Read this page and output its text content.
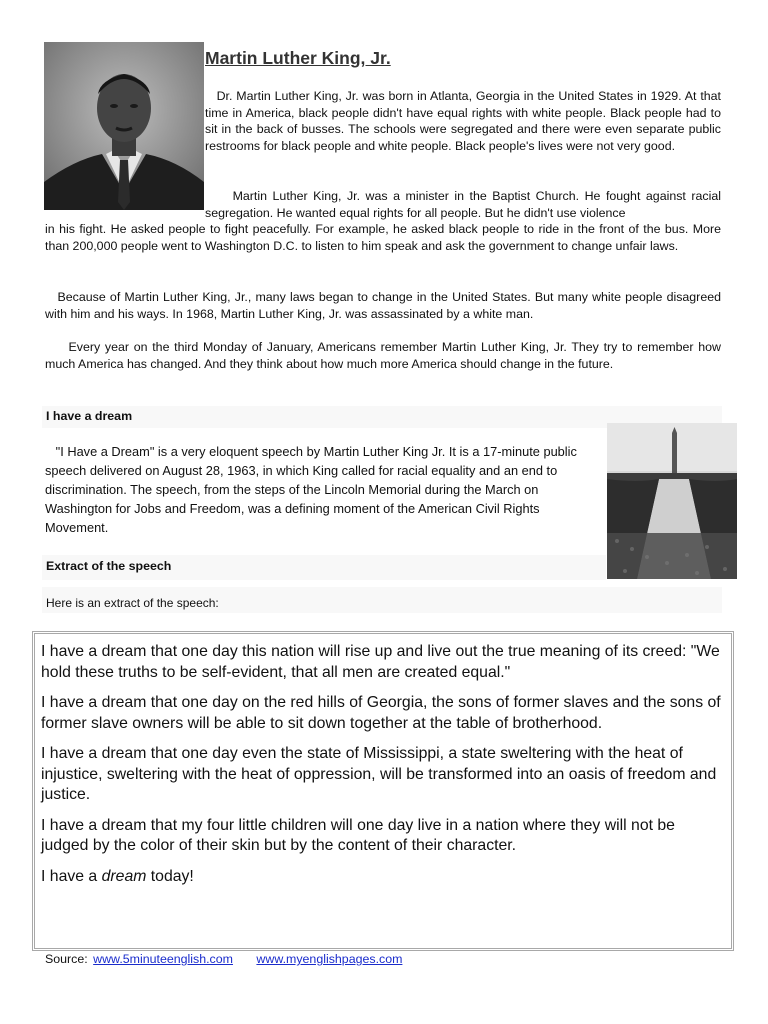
Martin Luther King, Jr.

Dr. Martin Luther King, Jr. was born in Atlanta, Georgia in the United States in 1929. At that time in America, black people didn't have equal rights with white people. Black people had to sit in the back of busses. The schools were segregated and there were even separate public restrooms for black people and white people. Black people's lives were not very good.

Martin Luther King, Jr. was a minister in the Baptist Church. He fought against racial segregation. He wanted equal rights for all people. But he didn't use violence

in his fight. He asked people to fight peacefully. For example, he asked black people to ride in the front of the bus. More than 200,000 people went to Washington D.C. to listen to him speak and ask the government to change unfair laws.

Because of Martin Luther King, Jr., many laws began to change in the United States. But many white people disagreed with him and his ways. In 1968, Martin Luther King, Jr. was assassinated by a white man.

Every year on the third Monday of January, Americans remember Martin Luther King, Jr. They try to remember how much America has changed. And they think about how much more America should change in the future.

I have a dream

"I Have a Dream" is a very eloquent speech by Martin Luther King Jr. It is a 17-minute public speech delivered on August 28, 1963, in which King called for racial equality and an end to discrimination. The speech, from the steps of the Lincoln Memorial during the March on Washington for Jobs and Freedom, was a defining moment of the American Civil Rights Movement.

Extract of the speech
Here is an extract of the speech:

I have a dream that one day this nation will rise up and live out the true meaning of its creed: "We hold these truths to be self-evident, that all men are created equal."

I have a dream that one day on the red hills of Georgia, the sons of former slaves and the sons of former slave owners will be able to sit down together at the table of brotherhood.

I have a dream that one day even the state of Mississippi, a state sweltering with the heat of injustice, sweltering with the heat of oppression, will be transformed into an oasis of freedom and justice.

I have a dream that my four little children will one day live in a nation where they will not be judged by the color of their skin but by the content of their character.

I have a dream today!

Source: www.5minuteenglish.com www.myenglishpages.com
